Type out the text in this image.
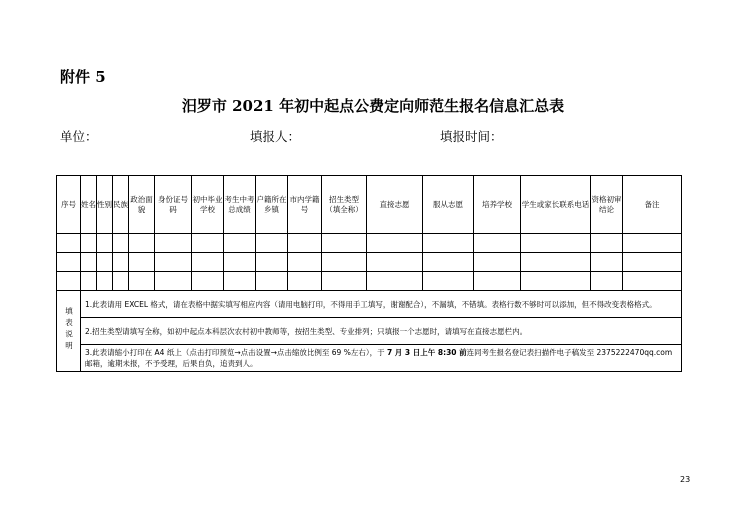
附件 5
汨罗市 2021 年初中起点公费定向师范生报名信息汇总表
单位：	填报人：	填报时间：
序号	姓名	性别	民族	政治面貌	身份证号码	初中毕业学校	考生中考总成绩	户籍所在乡镇	市内学籍号	招生类型（填全称）	直接志愿	服从志愿	培养学校	学生或家长联系电话	资格初审结论	备注

填表说明	1.此表请用 EXCEL 格式，请在表格中据实填写相应内容（请用电脑打印，不得用手工填写，谢谢配合），不漏填，不错填。表格行数不够时可以添加，但不得改变表格格式。															
	2.招生类型请填写全称，如初中起点本科层次农村初中教师等，按招生类型、专业排列；只填报一个志愿时，请填写在直接志愿栏内。															
	3.此表请缩小打印在 A4 纸上（点击打印预览→点击设置→点击缩放比例至 69 %左右），于 7 月 3 日上午 8:30 前连同考生报名登记表扫描件电子稿发至 2375222470qq.com 邮箱，逾期未报，不予受理，后果自负，追责到人。															
23
